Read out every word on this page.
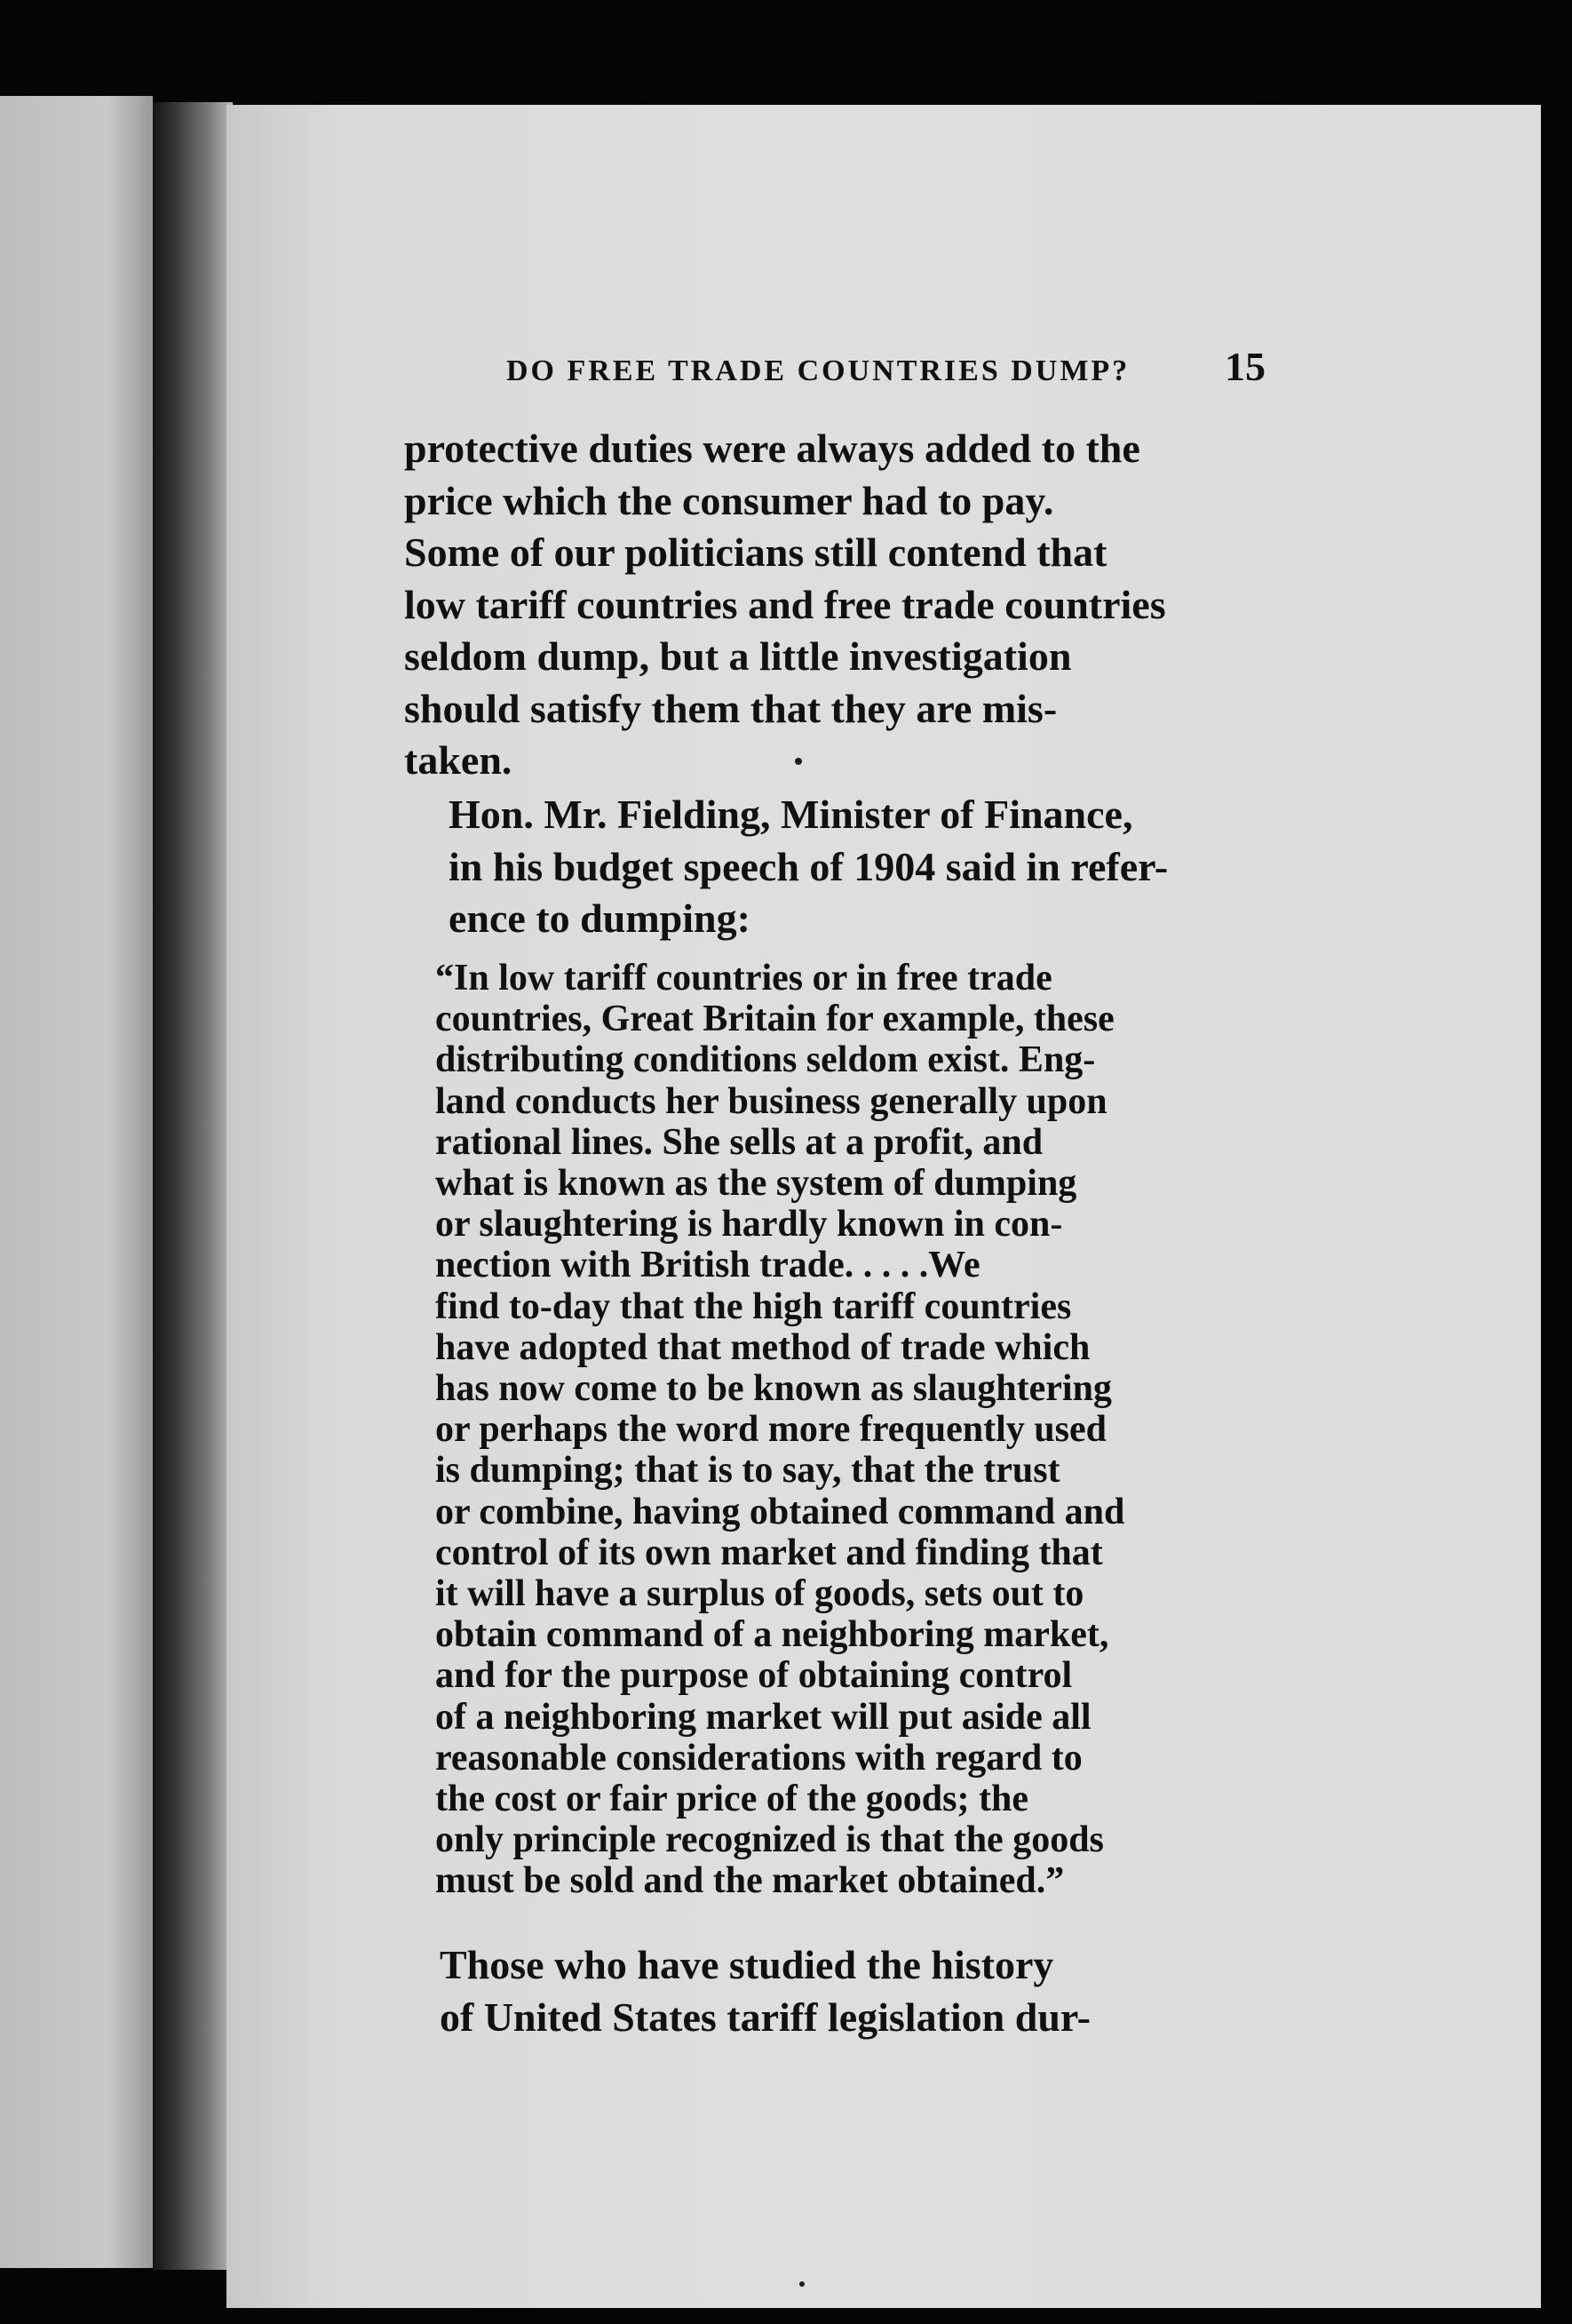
DO FREE TRADE COUNTRIES DUMP? 15

protective duties were always added to the
price which the consumer had to pay.
Some of our politicians still contend that
low tariff countries and free trade countries
seldom dump, but a little investigation
should satisfy them that they are mis-
taken.

Hon. Mr. Fielding, Minister of Finance,
in his budget speech of 1904 said in refer-
ence to dumping:

“In low tariff countries or in free trade
countries, Great Britain for example, these
distributing conditions seldom exist. Eng-
land conducts her business generally upon
rational lines. She sells at a profit, and
what is known as the system of dumping
or slaughtering is hardly known in con-
nection with British trade. . . . .We
find to-day that the high tariff countries
have adopted that method of trade which
has now come to be known as slaughtering
or perhaps the word more frequently used
is dumping; that is to say, that the trust
or combine, having obtained command and
control of its own market and finding that
it will have a surplus of goods, sets out to
obtain command of a neighboring market,
and for the purpose of obtaining control
of a neighboring market will put aside all
reasonable considerations with regard to
the cost or fair price of the goods; the
only principle recognized is that the goods
must be sold and the market obtained.”

Those who have studied the history
of United States tariff legislation dur-
